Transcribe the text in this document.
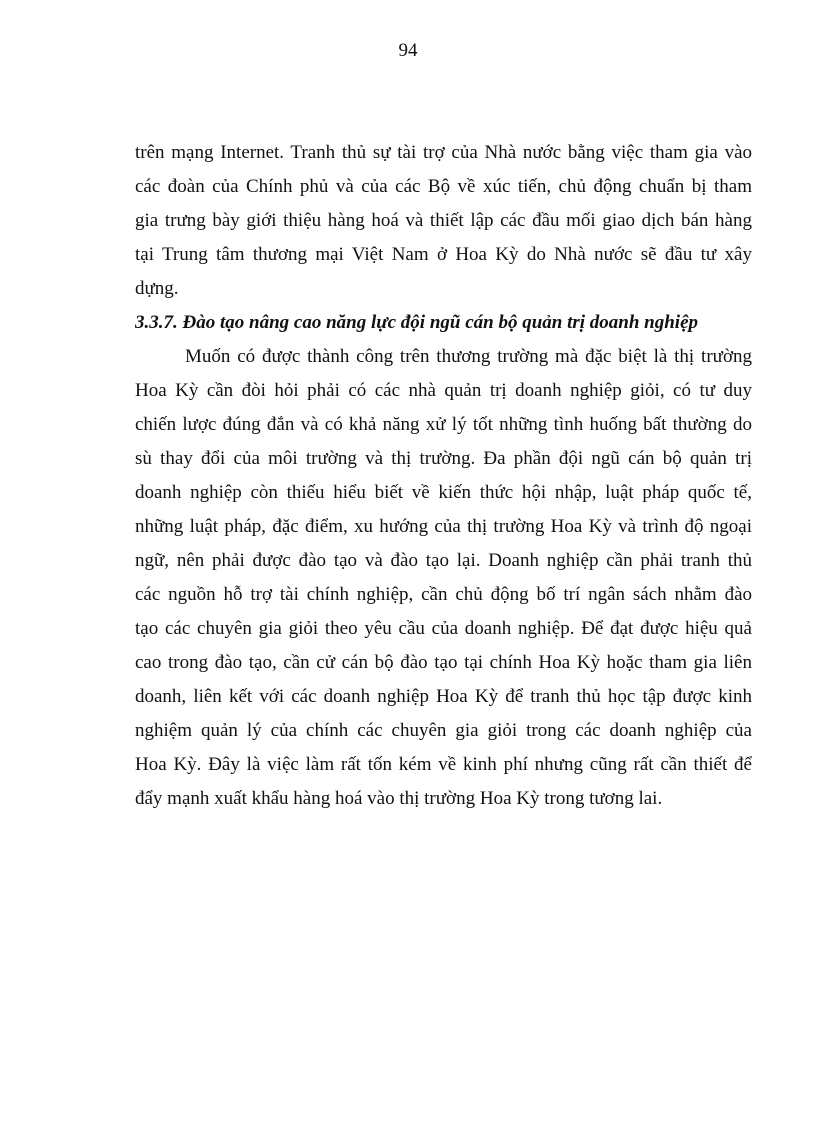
94
trên mạng Internet. Tranh thủ sự tài trợ của Nhà nước bằng việc tham gia vào
các đoàn của Chính phủ và của các Bộ về xúc tiến, chủ động chuẩn bị tham
gia trưng bày giới thiệu hàng hoá và thiết lập các đầu mối giao dịch bán hàng
tại Trung tâm thương mại Việt Nam ở Hoa Kỳ do Nhà nước sẽ đầu tư xây
dựng.
3.3.7. Đào tạo nâng cao năng lực đội ngũ cán bộ quản trị doanh nghiệp
Muốn có được thành công trên thương trường mà đặc biệt là thị trường
Hoa Kỳ cần đòi hỏi phải có các nhà quản trị doanh nghiệp giỏi, có tư duy
chiến lược đúng đắn và có khả năng xử lý tốt những tình huống bất thường do
sù thay đổi của môi trường và thị trường. Đa phần đội ngũ cán bộ quản trị
doanh nghiệp còn thiếu hiểu biết về kiến thức hội nhập, luật pháp quốc tế,
những luật pháp, đặc điểm, xu hướng của thị trường Hoa Kỳ và trình độ ngoại
ngữ, nên phải được đào tạo và đào tạo lại. Doanh nghiệp cần phải tranh thủ
các nguồn hỗ trợ tài chính nghiệp, cần chủ động bố trí ngân sách nhằm đào
tạo các chuyên gia giỏi theo yêu cầu của doanh nghiệp. Để đạt được hiệu quả
cao trong đào tạo, cần cử cán bộ đào tạo tại chính Hoa Kỳ hoặc tham gia liên
doanh, liên kết với các doanh nghiệp Hoa Kỳ để tranh thủ học tập được kinh
nghiệm quản lý của chính các chuyên gia giỏi trong các doanh nghiệp của
Hoa Kỳ. Đây là việc làm rất tốn kém về kinh phí nhưng cũng rất cần thiết để
đẩy mạnh xuất khẩu hàng hoá vào thị trường Hoa Kỳ trong tương lai.
